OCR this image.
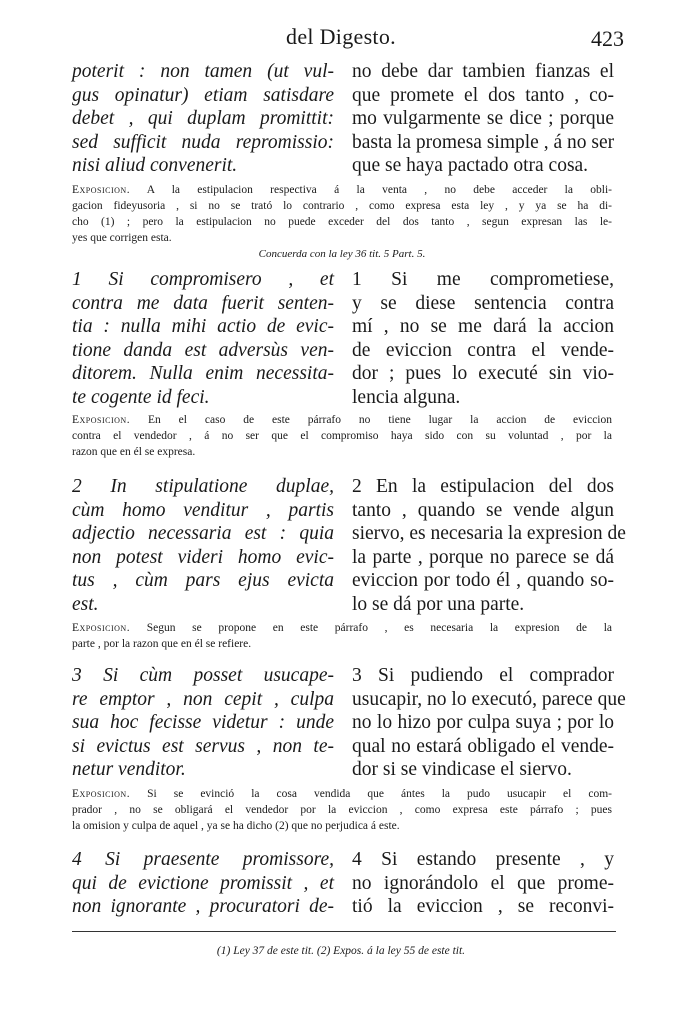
del Digesto.	423
poterit : non tamen (ut vul-
gus opinatur) etiam satisdare
debet , qui duplam promittit:
sed sufficit nuda repromissio:
nisi aliud convenerit.
no debe dar tambien fianzas el
que promete el dos tanto , co-
mo vulgarmente se dice ; porque
basta la promesa simple , á no ser
que se haya pactado otra cosa.
Exposicion. A la estipulacion respectiva á la venta , no debe acceder la obli-
gacion fideyusoria , si no se trató lo contrario , como expresa esta ley , y ya se ha di-
cho (1) ; pero la estipulacion no puede exceder del dos tanto , segun expresan las le-
yes que corrigen esta.
Concuerda con la ley 36 tit. 5 Part. 5.
1 Si compromisero , et
contra me data fuerit senten-
tia : nulla mihi actio de evic-
tione danda est adversùs ven-
ditorem. Nulla enim necessita-
te cogente id feci.
1 Si me comprometiese,
y se diese sentencia contra
mí , no se me dará la accion
de eviccion contra el vende-
dor ; pues lo executé sin vio-
lencia alguna.
Exposicion. En el caso de este párrafo no tiene lugar la accion de eviccion
contra el vendedor , á no ser que el compromiso haya sido con su voluntad , por la
razon que en él se expresa.
2 In stipulatione duplae,
cùm homo venditur , partis
adjectio necessaria est : quia
non potest videri homo evic-
tus , cùm pars ejus evicta
est.
2 En la estipulacion del dos
tanto , quando se vende algun
siervo, es necesaria la expresion de
la parte , porque no parece se dá
eviccion por todo él , quando so-
lo se dá por una parte.
Exposicion. Segun se propone en este párrafo , es necesaria la expresion de la
parte , por la razon que en él se refiere.
3 Si cùm posset usucape-
re emptor , non cepit , culpa
sua hoc fecisse videtur : unde
si evictus est servus , non te-
netur venditor.
3 Si pudiendo el comprador
usucapir, no lo executó, parece que
no lo hizo por culpa suya ; por lo
qual no estará obligado el vende-
dor si se vindicase el siervo.
Exposicion. Si se evinció la cosa vendida que ántes la pudo usucapir el com-
prador , no se obligará el vendedor por la eviccion , como expresa este párrafo ; pues
la omision y culpa de aquel , ya se ha dicho (2) que no perjudica á este.
4 Si praesente promissore,
qui de evictione promissit , et
non ignorante , procuratori de-
4 Si estando presente , y
no ignorándolo el que prome-
tió la eviccion , se reconvi-
(1) Ley 37 de este tit. (2) Expos. á la ley 55 de este tit.
